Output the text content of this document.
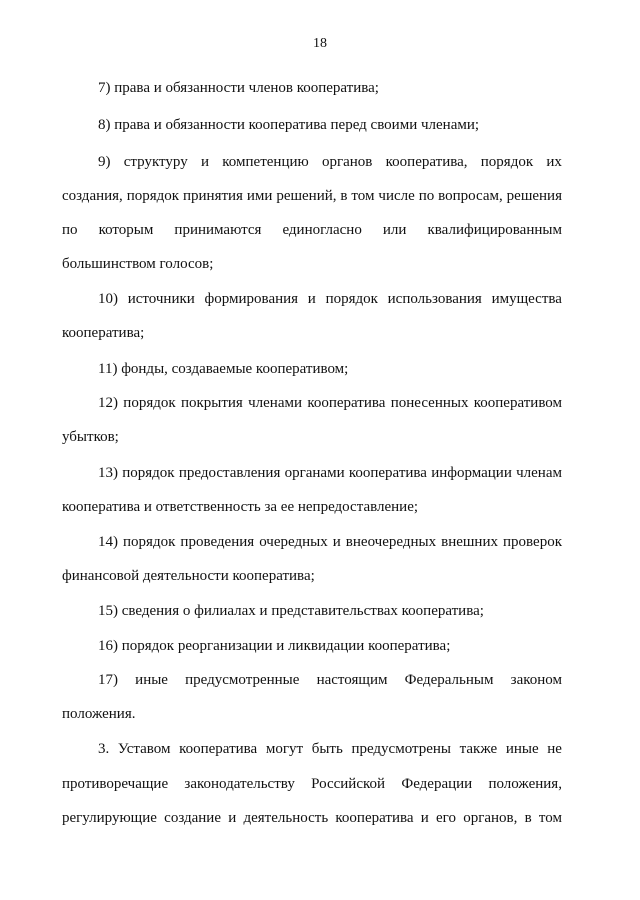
18
7) права и обязанности членов кооператива;
8) права и обязанности кооператива перед своими членами;
9) структуру и компетенцию органов кооператива, порядок их
создания, порядок принятия ими решений, в том числе по вопросам, решения
по которым принимаются единогласно или квалифицированным
большинством голосов;
10) источники формирования и порядок использования имущества
кооператива;
11) фонды, создаваемые кооперативом;
12) порядок покрытия членами кооператива понесенных кооперативом
убытков;
13) порядок предоставления органами кооператива информации членам
кооператива и ответственность за ее непредоставление;
14) порядок проведения очередных и внеочередных внешних проверок
финансовой деятельности кооператива;
15) сведения о филиалах и представительствах кооператива;
16) порядок реорганизации и ликвидации кооператива;
17) иные предусмотренные настоящим Федеральным законом
положения.
3. Уставом кооператива могут быть предусмотрены также иные не
противоречащие законодательству Российской Федерации положения,
регулирующие создание и деятельность кооператива и его органов, в том
